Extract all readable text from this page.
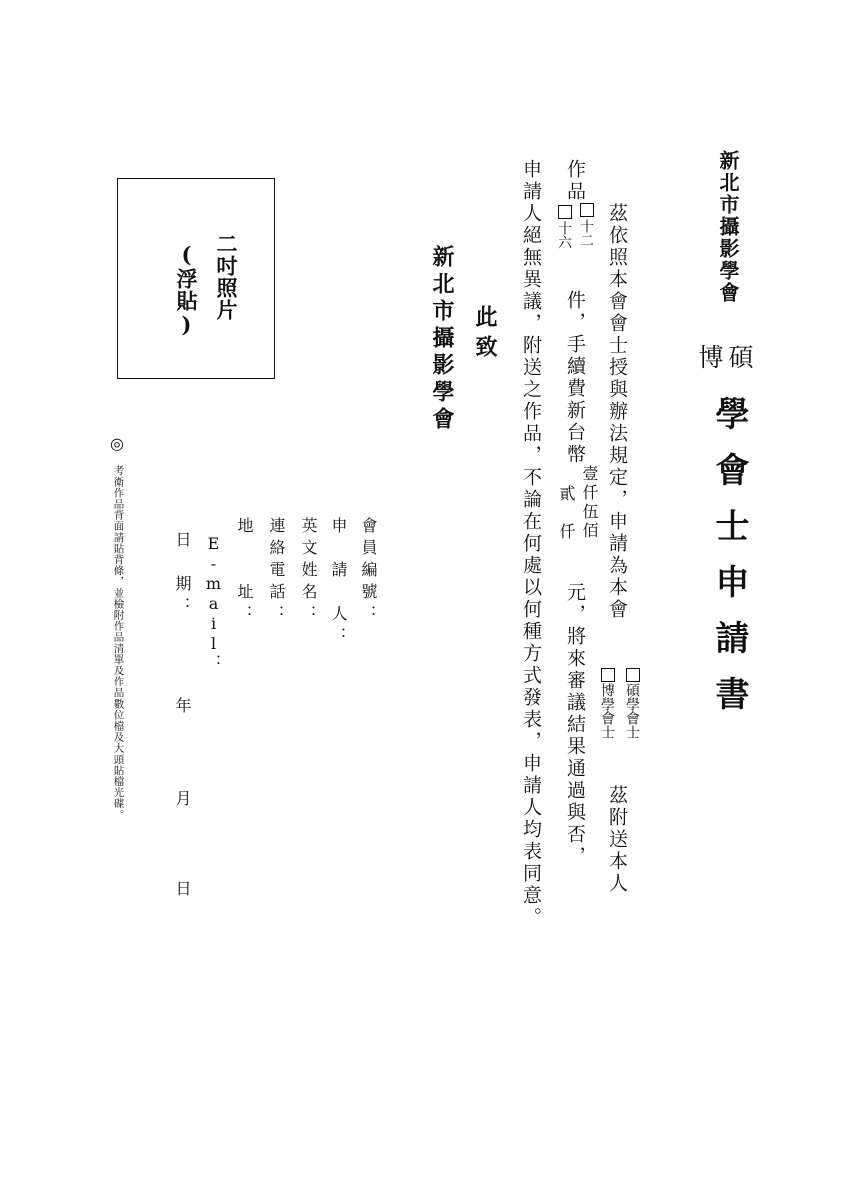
新北市攝影學會
碩
博
學會士申請書
茲依照本會會士授與辦法規定，申請為本會
碩學會士
博學會士
茲附送本人
作品
十二
十六
件，手續費新台幣
壹仟伍佰
貳　仟
元，將來審議結果通過與否，
申請人絕無異議，附送之作品，不論在何處以何種方式發表，申請人均表同意。
此致
新北市攝影學會
二吋照片
(浮貼)
會員編號：
申　請　人：
英文姓名：
連絡電話：
地　　址：
E-mail：
日　期：
年
月
日
◎
考衛作品背面請貼背條，並檢附作品清單及作品數位檔及大頭貼檔光碟。
